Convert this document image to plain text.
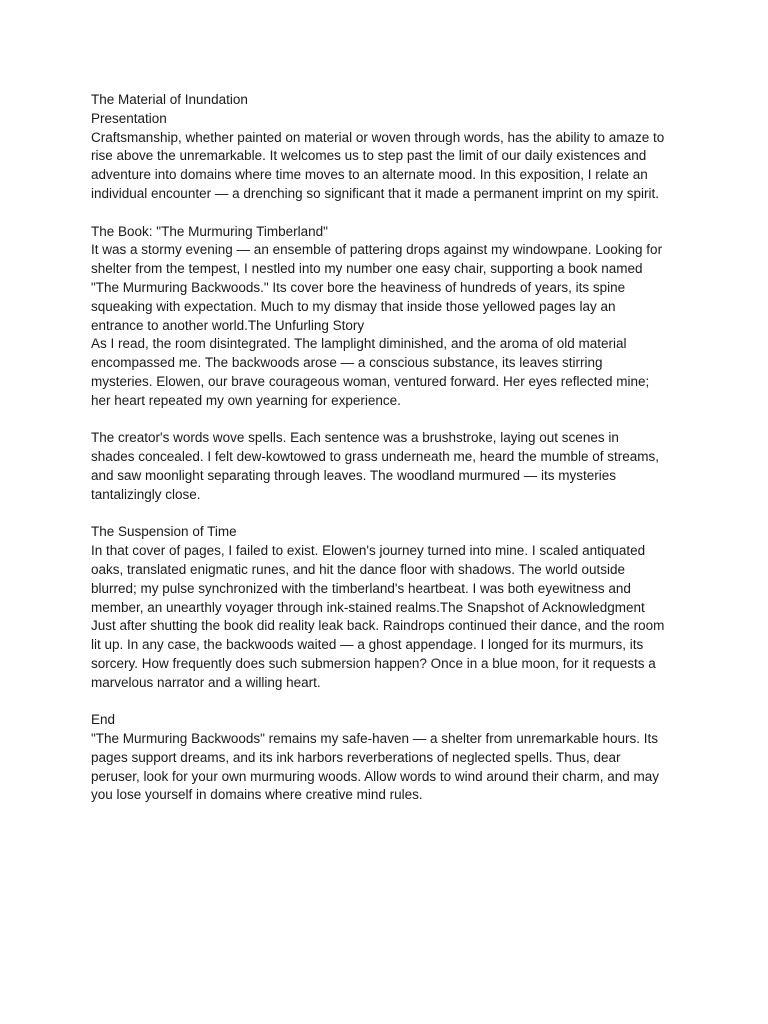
The Material of Inundation
Presentation
Craftsmanship, whether painted on material or woven through words, has the ability to amaze to
rise above the unremarkable. It welcomes us to step past the limit of our daily existences and
adventure into domains where time moves to an alternate mood. In this exposition, I relate an
individual encounter — a drenching so significant that it made a permanent imprint on my spirit.
The Book: "The Murmuring Timberland"
It was a stormy evening — an ensemble of pattering drops against my windowpane. Looking for
shelter from the tempest, I nestled into my number one easy chair, supporting a book named
"The Murmuring Backwoods." Its cover bore the heaviness of hundreds of years, its spine
squeaking with expectation. Much to my dismay that inside those yellowed pages lay an
entrance to another world.The Unfurling Story
As I read, the room disintegrated. The lamplight diminished, and the aroma of old material
encompassed me. The backwoods arose — a conscious substance, its leaves stirring
mysteries. Elowen, our brave courageous woman, ventured forward. Her eyes reflected mine;
her heart repeated my own yearning for experience.
The creator's words wove spells. Each sentence was a brushstroke, laying out scenes in
shades concealed. I felt dew-kowtowed to grass underneath me, heard the mumble of streams,
and saw moonlight separating through leaves. The woodland murmured — its mysteries
tantalizingly close.
The Suspension of Time
In that cover of pages, I failed to exist. Elowen's journey turned into mine. I scaled antiquated
oaks, translated enigmatic runes, and hit the dance floor with shadows. The world outside
blurred; my pulse synchronized with the timberland's heartbeat. I was both eyewitness and
member, an unearthly voyager through ink-stained realms.The Snapshot of Acknowledgment
Just after shutting the book did reality leak back. Raindrops continued their dance, and the room
lit up. In any case, the backwoods waited — a ghost appendage. I longed for its murmurs, its
sorcery. How frequently does such submersion happen? Once in a blue moon, for it requests a
marvelous narrator and a willing heart.
End
"The Murmuring Backwoods" remains my safe-haven — a shelter from unremarkable hours. Its
pages support dreams, and its ink harbors reverberations of neglected spells. Thus, dear
peruser, look for your own murmuring woods. Allow words to wind around their charm, and may
you lose yourself in domains where creative mind rules.
